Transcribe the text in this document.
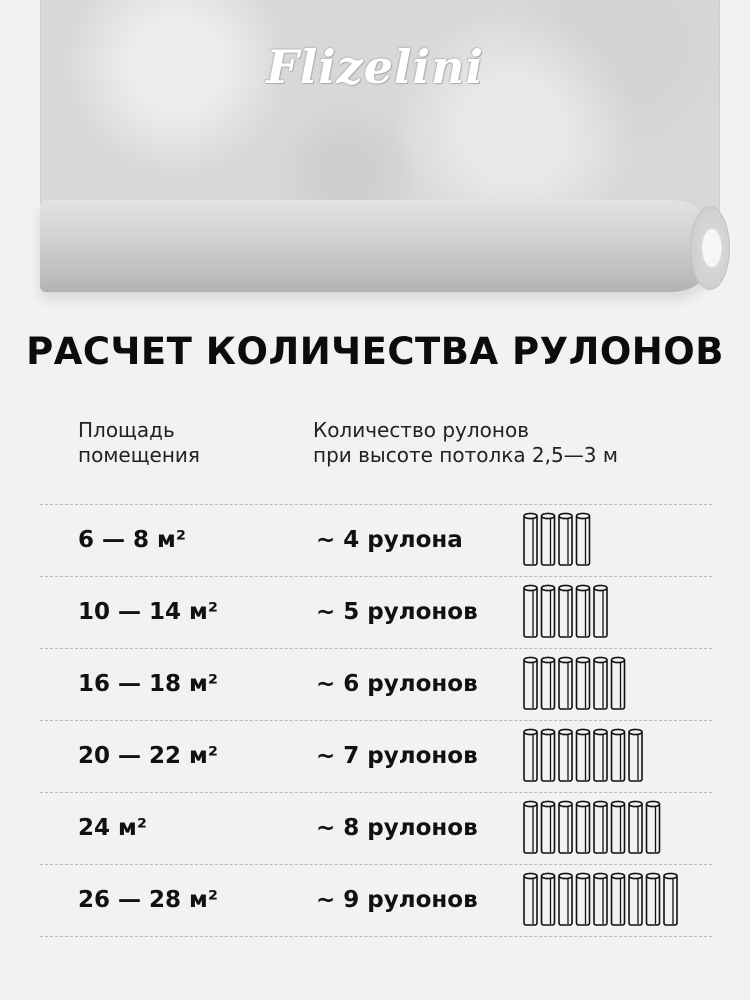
Flizelini
РАСЧЕТ КОЛИЧЕСТВА РУЛОНОВ
Площадь
помещения
Количество рулонов
при высоте потолка 2,5—3 м
6 — 8 м²	~ 4 рулона
10 — 14 м²	~ 5 рулонов
16 — 18 м²	~ 6 рулонов
20 — 22 м²	~ 7 рулонов
24 м²	~ 8 рулонов
26 — 28 м²	~ 9 рулонов
